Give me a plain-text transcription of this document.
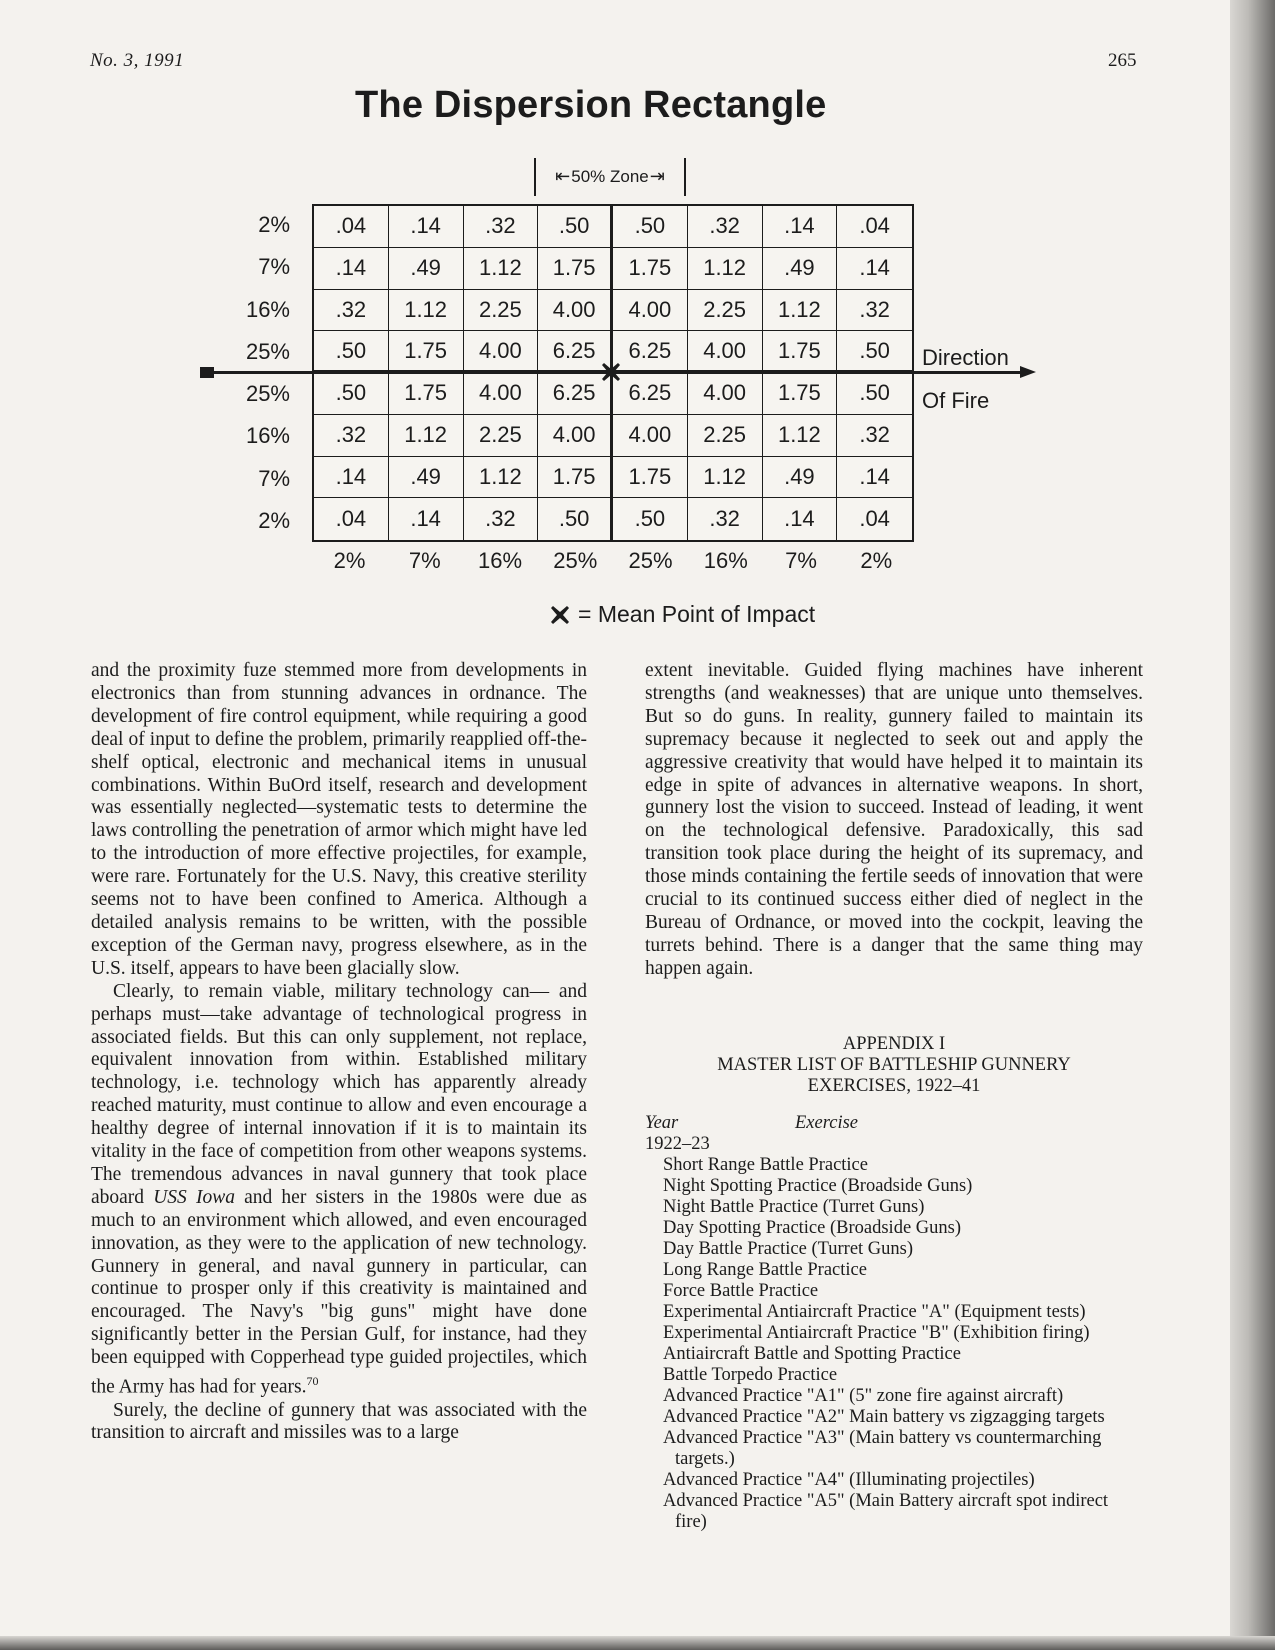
No. 3, 1991	265
The Dispersion Rectangle
⇤ 50% Zone ⇥
2%
7%
16%
25%
25%
16%
7%
2%
.04	.14	.32	.50	.50	.32	.14	.04
.14	.49	1.12	1.75	1.75	1.12	.49	.14
.32	1.12	2.25	4.00	4.00	2.25	1.12	.32
.50	1.75	4.00	6.25	6.25	4.00	1.75	.50
.50	1.75	4.00	6.25	6.25	4.00	1.75	.50
.32	1.12	2.25	4.00	4.00	2.25	1.12	.32
.14	.49	1.12	1.75	1.75	1.12	.49	.14
.04	.14	.32	.50	.50	.32	.14	.04
2%	7%	16%	25%	25%	16%	7%	2%
Direction
Of Fire
= Mean Point of Impact

and the proximity fuze stemmed more from developments in electronics than from stunning advances in ordnance. The development of fire control equipment, while requiring a good deal of input to define the problem, primarily reapplied off-the-shelf optical, electronic and mechanical items in unusual combinations. Within BuOrd itself, research and development was essentially neglected—systematic tests to determine the laws controlling the penetration of armor which might have led to the introduction of more effective projectiles, for example, were rare. Fortunately for the U.S. Navy, this creative sterility seems not to have been confined to America. Although a detailed analysis remains to be written, with the possible exception of the German navy, progress elsewhere, as in the U.S. itself, appears to have been glacially slow.

Clearly, to remain viable, military technology can— and perhaps must—take advantage of technological progress in associated fields. But this can only supplement, not replace, equivalent innovation from within. Established military technology, i.e. technology which has apparently already reached maturity, must continue to allow and even encourage a healthy degree of internal innovation if it is to maintain its vitality in the face of competition from other weapons systems. The tremendous advances in naval gunnery that took place aboard USS Iowa and her sisters in the 1980s were due as much to an environment which allowed, and even encouraged innovation, as they were to the application of new technology. Gunnery in general, and naval gunnery in particular, can continue to prosper only if this creativity is maintained and encouraged. The Navy's "big guns" might have done significantly better in the Persian Gulf, for instance, had they been equipped with Copperhead type guided projectiles, which the Army has had for years.$^{70}$

Surely, the decline of gunnery that was associated with the transition to aircraft and missiles was to a large

extent inevitable. Guided flying machines have inherent strengths (and weaknesses) that are unique unto themselves. But so do guns. In reality, gunnery failed to maintain its supremacy because it neglected to seek out and apply the aggressive creativity that would have helped it to maintain its edge in spite of advances in alternative weapons. In short, gunnery lost the vision to succeed. Instead of leading, it went on the technological defensive. Paradoxically, this sad transition took place during the height of its supremacy, and those minds containing the fertile seeds of innovation that were crucial to its continued success either died of neglect in the Bureau of Ordnance, or moved into the cockpit, leaving the turrets behind. There is a danger that the same thing may happen again.

APPENDIX I
MASTER LIST OF BATTLESHIP GUNNERY
EXERCISES, 1922–41
Year	Exercise
1922–23
Short Range Battle Practice
Night Spotting Practice (Broadside Guns)
Night Battle Practice (Turret Guns)
Day Spotting Practice (Broadside Guns)
Day Battle Practice (Turret Guns)
Long Range Battle Practice
Force Battle Practice
Experimental Antiaircraft Practice "A" (Equipment tests)
Experimental Antiaircraft Practice "B" (Exhibition firing)
Antiaircraft Battle and Spotting Practice
Battle Torpedo Practice
Advanced Practice "A1" (5" zone fire against aircraft)
Advanced Practice "A2" Main battery vs zigzagging targets
Advanced Practice "A3" (Main battery vs countermarching targets.)
Advanced Practice "A4" (Illuminating projectiles)
Advanced Practice "A5" (Main Battery aircraft spot indirect fire)
